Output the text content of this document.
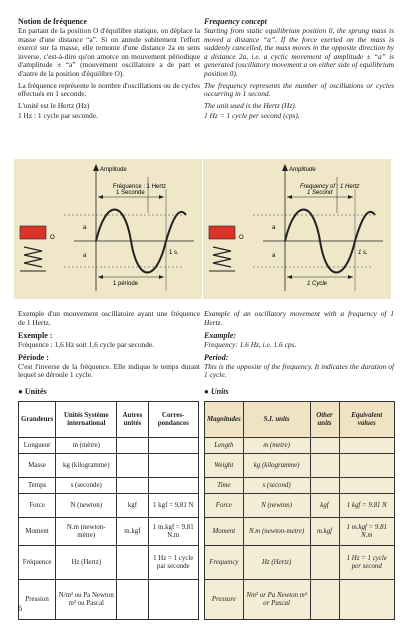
Notion de fréquence

En partant de la position O d'équilibre statique, on déplace la masse d'une distance “a”. Si on annule subitement l'effort exercé sur la masse, elle remonte d'une distance 2a en sens inverse, c'est-à-dire qu'on amorce un mouvement périodique d'amplitude ± “a” (mouvement oscillatoire a de part et d'autre de la position d'équilibre O).

La fréquence représente le nombre d'oscillations ou de cycles effectués en 1 seconde.

L'unité est le Hertz (Hz)

1 Hz : 1 cycle par seconde.

Frequency concept

Starting from static equilibrium position 0, the sprung mass is moved a distance “a”. If the force exerted on the mass is suddenly cancelled, the mass moves in the opposite direction by a distance 2a, i.e. a cyclic movement of amplitude ± “a” is generated (oscillatory movement a on either side of equilibrium position 0).

The frequency represents the number of oscillations or cycles occurring in 1 second.

The unit used is the Hertz (Hz).

1 Hz = 1 cycle per second (cps).

Amplitude
Fréquence : 1 Hertz
1 Seconde
1 s.
1 période
a
a
O
Amplitude
Frequency of : 1 Hertz
1 Second
1 s.
1 Cycle
a
a
O

Exemple d'un mouvement oscillatoire ayant une fréquence de 1 Hertz.

Exemple :

Fréquence : 1,6 Hz soit 1,6 cycle par seconde.

Période :

C'est l'inverse de la fréquence. Elle indique le temps durant lequel se déroule 1 cycle.

Example of an oscillatory movement with a frequency of 1 Hertz.

Example:

Frequency: 1.6 Hz, i.e. 1.6 cps.

Period:

This is the opposite of the frequency. It indicates the duration of 1 cycle.

● Unités	● Units
Grandeurs	Unités Système international	Autres unités	Corres-pondances
Longueur	m (mètre)		
Masse	kg (kilogramme)		
Temps	s (seconde)		
Force	N (newton)	kgf	1 kgf = 9,81 N
Moment	N.m (newton-mètre)	m.kgf	1 m.kgf = 9,81 N.m
Fréquence	Hz (Hertz)		1 Hz = 1 cycle par seconde
Pression	N/m² ou Pa Newton m² ou Pascal		
Magnitudes	S.I. units	Other units	Equivalent values
Length	m (metre)		
Weight	kg (kilogramme)		
Time	s (second)		
Force	N (newton)	kgf	1 kgf = 9.81 N
Moment	N.m (newton-metre)	m.kgf	1 m.kgf = 9.81 N.m
Frequency	Hz (Hertz)		1 Hz = 1 cycle per second
Pressure	Nm² or Pa Newton m² or Pascal		
6
